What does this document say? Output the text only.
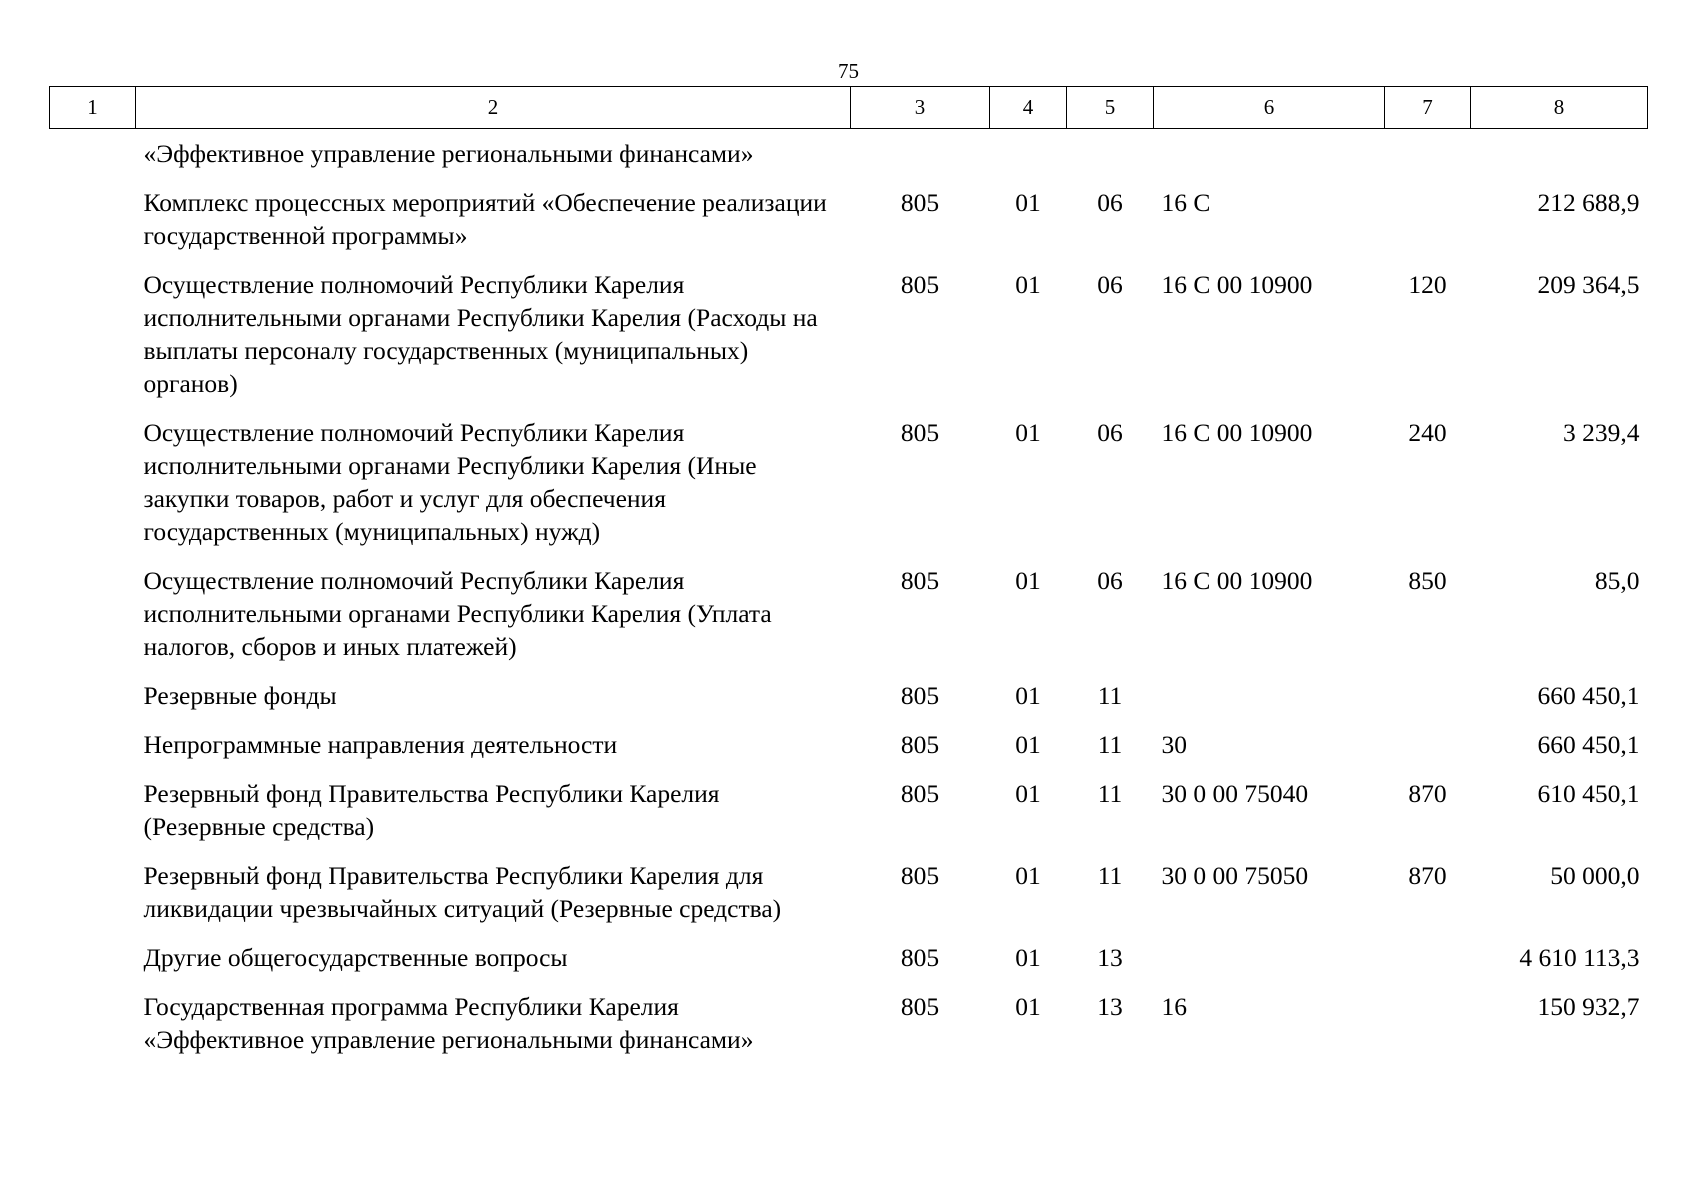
75
1	2	3	4	5	6	7	8
	«Эффективное управление региональными финансами»						
	Комплекс процессных мероприятий «Обеспечение реализации государственной программы»	805	01	06	16 С		212 688,9
	Осуществление полномочий Республики Карелия исполнительными органами Республики Карелия (Расходы на выплаты персоналу государственных (муниципальных) органов)	805	01	06	16 С 00 10900	120	209 364,5
	Осуществление полномочий Республики Карелия исполнительными органами Республики Карелия (Иные закупки товаров, работ и услуг для обеспечения государственных (муниципальных) нужд)	805	01	06	16 С 00 10900	240	3 239,4
	Осуществление полномочий Республики Карелия исполнительными органами Республики Карелия (Уплата налогов, сборов и иных платежей)	805	01	06	16 С 00 10900	850	85,0
	Резервные фонды	805	01	11			660 450,1
	Непрограммные направления деятельности	805	01	11	30		660 450,1
	Резервный фонд Правительства Республики Карелия (Резервные средства)	805	01	11	30 0 00 75040	870	610 450,1
	Резервный фонд Правительства Республики Карелия для ликвидации чрезвычайных ситуаций (Резервные средства)	805	01	11	30 0 00 75050	870	50 000,0
	Другие общегосударственные вопросы	805	01	13			4 610 113,3
	Государственная программа Республики Карелия «Эффективное управление региональными финансами»	805	01	13	16		150 932,7
